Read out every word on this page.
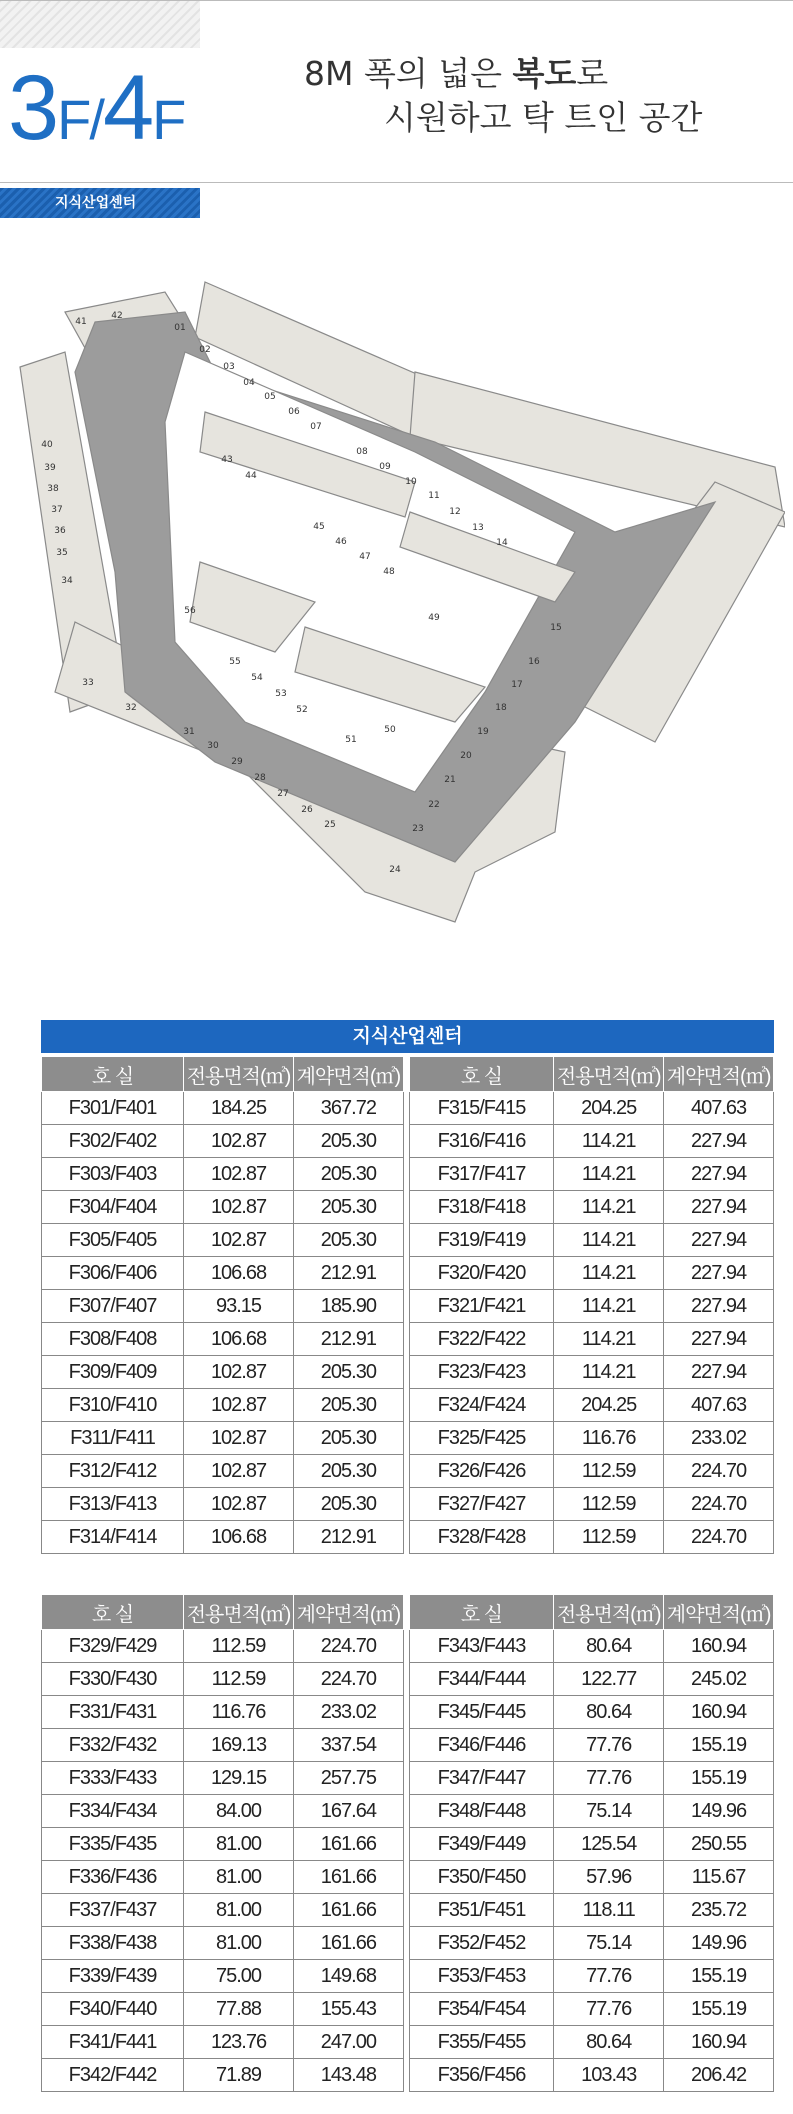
3F/4F
8M 폭의 넓은 복도로
시원하고 탁 트인 공간
지식산업센터
01
02
03
04
05
06
07
08
09
10
11
12
13
14
15
16
17
18
19
20
21
22
23
24
25
26
27
28
29
30
31
32
33
34
35
36
37
38
39
40
41
42
43
44
45
46
47
48
49
50
51
52
53
54
55
56
지식산업센터
호 실	전용면적(㎡)	계약면적(㎡)		호 실	전용면적(㎡)	계약면적(㎡)
F301/F401	184.25	367.72		F315/F415	204.25	407.63
F302/F402	102.87	205.30		F316/F416	114.21	227.94
F303/F403	102.87	205.30		F317/F417	114.21	227.94
F304/F404	102.87	205.30		F318/F418	114.21	227.94
F305/F405	102.87	205.30		F319/F419	114.21	227.94
F306/F406	106.68	212.91		F320/F420	114.21	227.94
F307/F407	93.15	185.90		F321/F421	114.21	227.94
F308/F408	106.68	212.91		F322/F422	114.21	227.94
F309/F409	102.87	205.30		F323/F423	114.21	227.94
F310/F410	102.87	205.30		F324/F424	204.25	407.63
F311/F411	102.87	205.30		F325/F425	116.76	233.02
F312/F412	102.87	205.30		F326/F426	112.59	224.70
F313/F413	102.87	205.30		F327/F427	112.59	224.70
F314/F414	106.68	212.91		F328/F428	112.59	224.70
호 실	전용면적(㎡)	계약면적(㎡)		호 실	전용면적(㎡)	계약면적(㎡)
F329/F429	112.59	224.70		F343/F443	80.64	160.94
F330/F430	112.59	224.70		F344/F444	122.77	245.02
F331/F431	116.76	233.02		F345/F445	80.64	160.94
F332/F432	169.13	337.54		F346/F446	77.76	155.19
F333/F433	129.15	257.75		F347/F447	77.76	155.19
F334/F434	84.00	167.64		F348/F448	75.14	149.96
F335/F435	81.00	161.66		F349/F449	125.54	250.55
F336/F436	81.00	161.66		F350/F450	57.96	115.67
F337/F437	81.00	161.66		F351/F451	118.11	235.72
F338/F438	81.00	161.66		F352/F452	75.14	149.96
F339/F439	75.00	149.68		F353/F453	77.76	155.19
F340/F440	77.88	155.43		F354/F454	77.76	155.19
F341/F441	123.76	247.00		F355/F455	80.64	160.94
F342/F442	71.89	143.48		F356/F456	103.43	206.42
